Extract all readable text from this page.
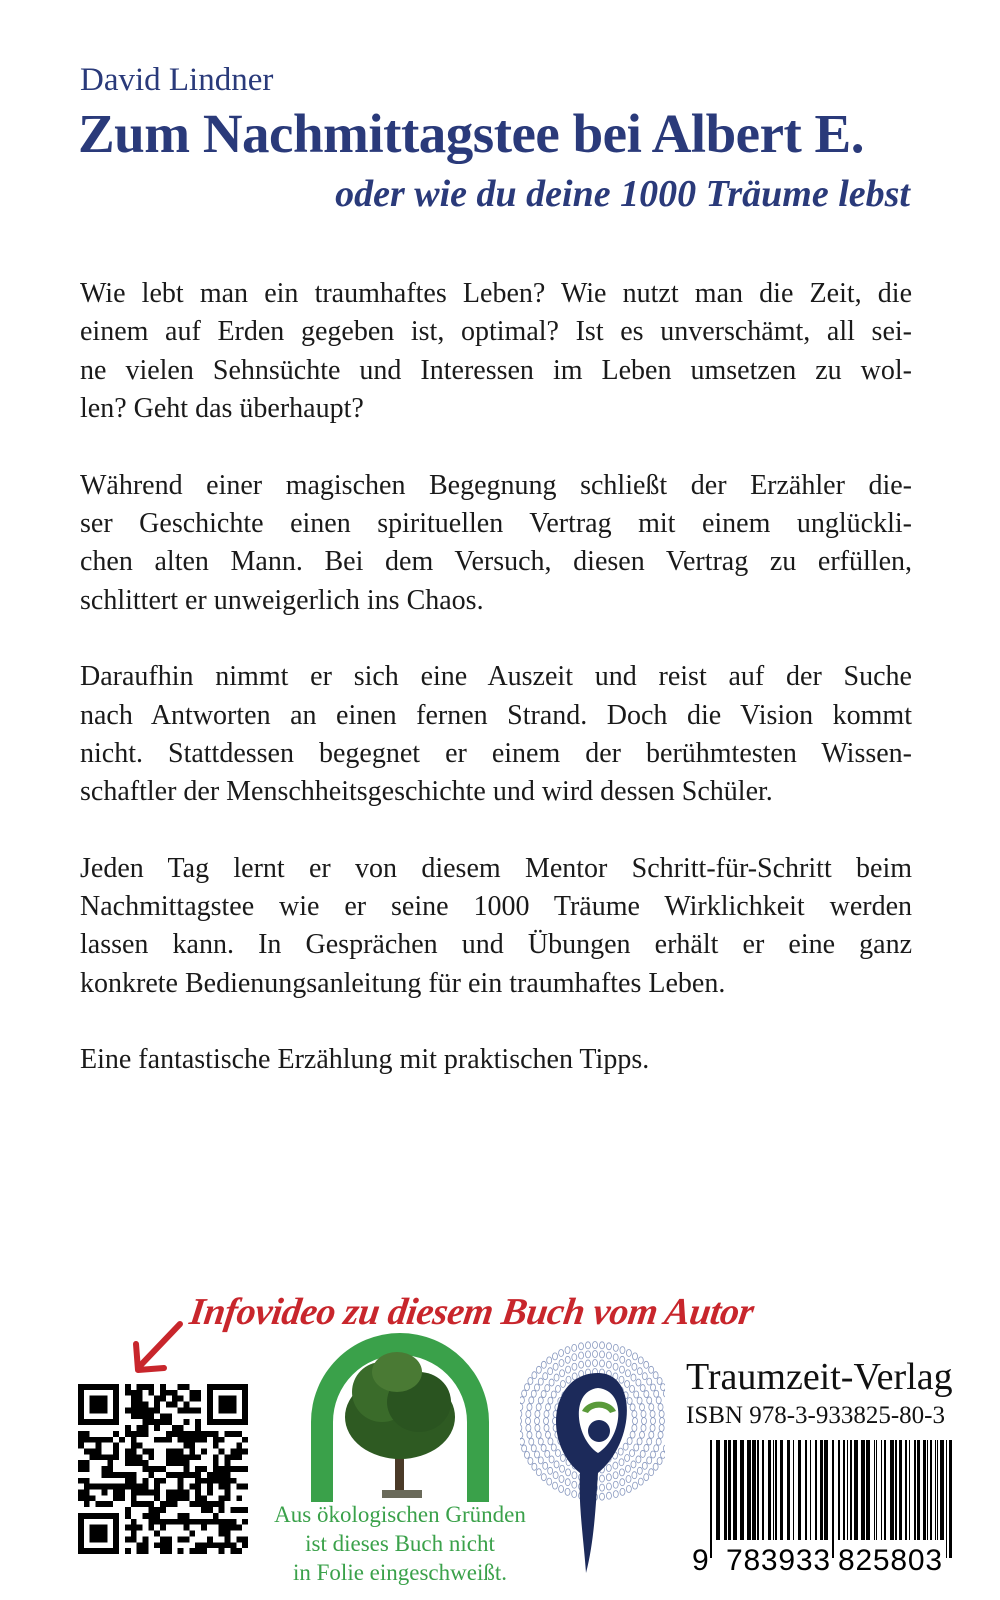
David Lindner
Zum Nachmittagstee bei Albert E.
oder wie du deine 1000 Träume lebst
Wie lebt man ein traumhaftes Leben? Wie nutzt man die Zeit, die
einem auf Erden gegeben ist, optimal? Ist es unverschämt, all sei-
ne vielen Sehnsüchte und Interessen im Leben umsetzen zu wol-
len? Geht das überhaupt?
Während einer magischen Begegnung schließt der Erzähler die-
ser Geschichte einen spirituellen Vertrag mit einem unglückli-
chen alten Mann. Bei dem Versuch, diesen Vertrag zu erfüllen,
schlittert er unweigerlich ins Chaos.
Daraufhin nimmt er sich eine Auszeit und reist auf der Suche
nach Antworten an einen fernen Strand. Doch die Vision kommt
nicht. Stattdessen begegnet er einem der berühmtesten Wissen-
schaftler der Menschheitsgeschichte und wird dessen Schüler.
Jeden Tag lernt er von diesem Mentor Schritt-für-Schritt beim
Nachmittagstee wie er seine 1000 Träume Wirklichkeit werden
lassen kann. In Gesprächen und Übungen erhält er eine ganz
konkrete Bedienungsanleitung für ein traumhaftes Leben.
Eine fantastische Erzählung mit praktischen Tipps.
Infovideo zu diesem Buch vom Autor
Aus ökologischen Gründen
ist dieses Buch nicht
in Folie eingeschweißt.
Traumzeit-Verlag
ISBN 978-3-933825-80-3
9 783933 825803
